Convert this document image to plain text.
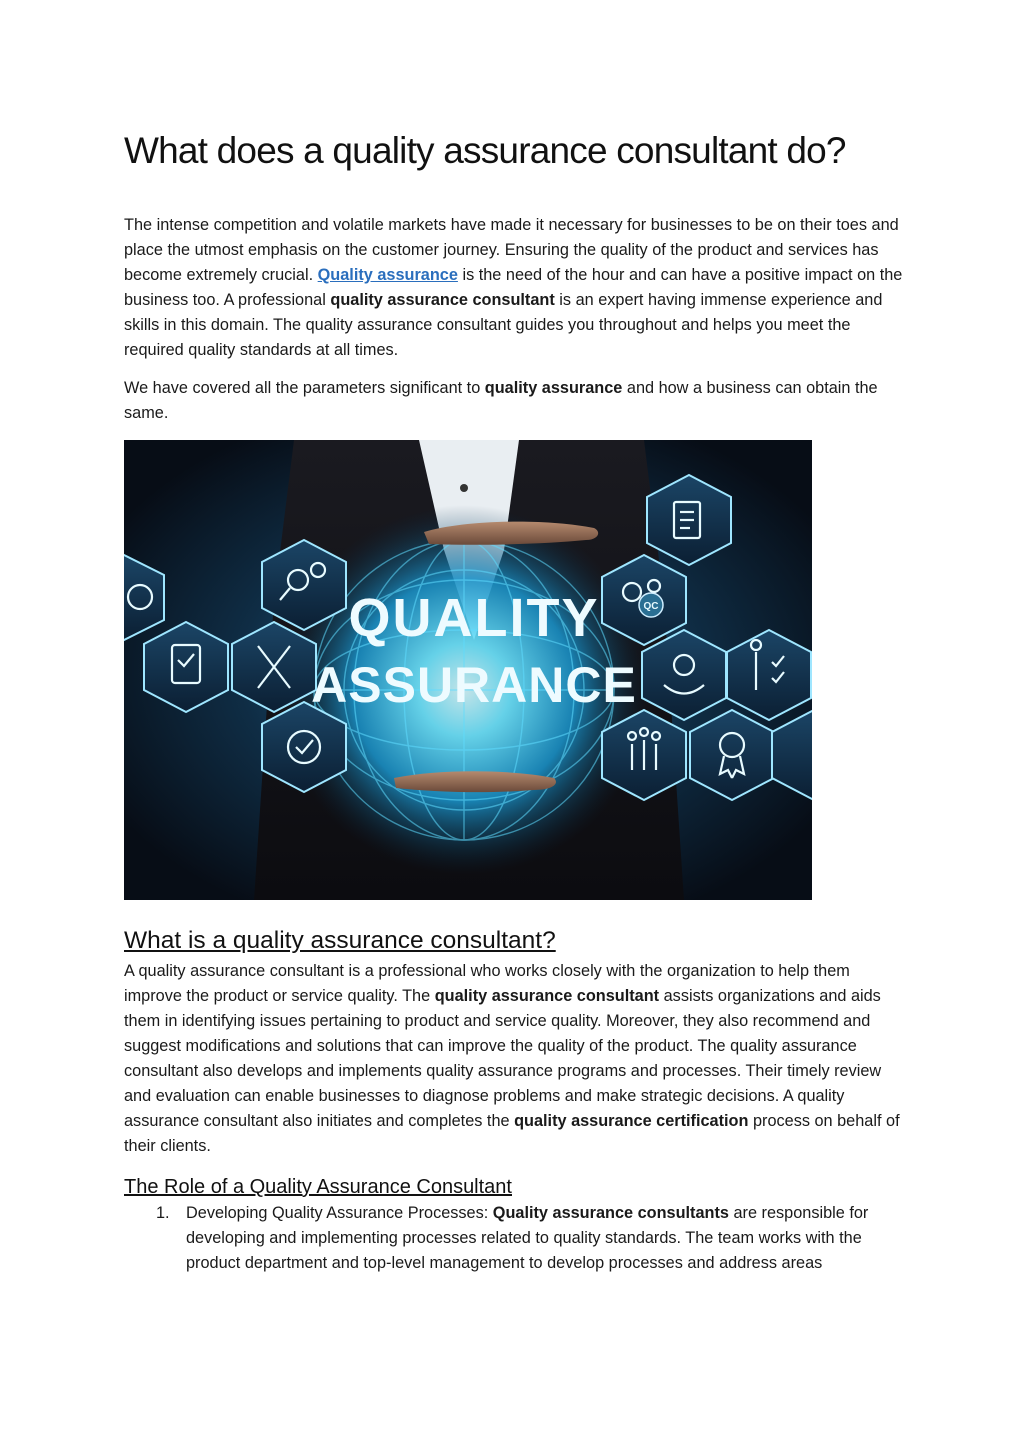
What does a quality assurance consultant do?

The intense competition and volatile markets have made it necessary for businesses to be on their toes and place the utmost emphasis on the customer journey. Ensuring the quality of the product and services has become extremely crucial. Quality assurance is the need of the hour and can have a positive impact on the business too. A professional quality assurance consultant is an expert having immense experience and skills in this domain. The quality assurance consultant guides you throughout and helps you meet the required quality standards at all times.

We have covered all the parameters significant to quality assurance and how a business can obtain the same.

QC
QUALITY
ASSURANCE
What is a quality assurance consultant?

A quality assurance consultant is a professional who works closely with the organization to help them improve the product or service quality. The quality assurance consultant assists organizations and aids them in identifying issues pertaining to product and service quality. Moreover, they also recommend and suggest modifications and solutions that can improve the quality of the product. The quality assurance consultant also develops and implements quality assurance programs and processes. Their timely review and evaluation can enable businesses to diagnose problems and make strategic decisions. A quality assurance consultant also initiates and completes the quality assurance certification process on behalf of their clients.

The Role of a Quality Assurance Consultant
1. Developing Quality Assurance Processes: Quality assurance consultants are responsible for developing and implementing processes related to quality standards. The team works with the product department and top-level management to develop processes and address areas
